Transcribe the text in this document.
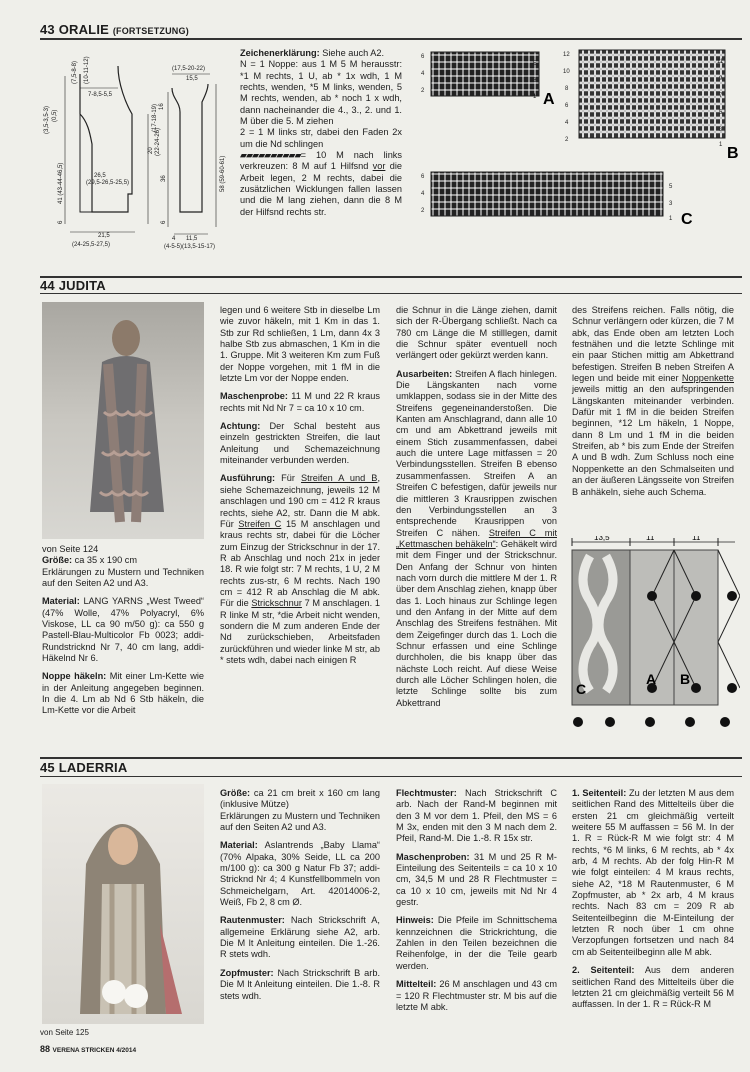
43 ORALIE (FORTSETZUNG)
(7,5-8-8) (10-11-12)
7-8,5-5,5
(3,5-3,5-3) (0,5)
41 (43-44-46,5)
6
26,5
(29,5-26,5-25,5)
20 (22-24-26)
21,5
(24-25,5-27,5)
(17,5-20-22)
15,5
(17-18-19) 16
36
6
58 (59-60-61)
11,5
(4-5-5)(13,5-15-17)
4

Zeichenerklärung: Siehe auch A2.
N = 1 Noppe: aus 1 M 5 M herausstr: *1 M rechts, 1 U, ab * 1x wdh, 1 M rechts, wenden, *5 M links, wenden, 5 M rechts, wenden, ab * noch 1 x wdh, dann nacheinander die 4., 3., 2. und 1. M über die 5. M ziehen
2 = 1 M links str, dabei den Faden 2x um die Nd schlingen
▰▰▰▰▰▰▰▰▰▰= 10 M nach links verkreuzen: 8 M auf 1 Hilfsnd vor die Arbeit legen, 2 M rechts, dabei die zusätzlichen Wicklungen fallen lassen und die M lang ziehen, dann die 8 M der Hilfsnd rechts str.

6
4
2
5
3
1 A
12
10
8
6
4
2
11
9
7
5
3
1 B
6
4
2
5
3
1 C
44 JUDITA

von Seite 124
Größe: ca 35 x 190 cm
Erklärungen zu Mustern und Techniken auf den Seiten A2 und A3.

Material: LANG YARNS „West Tweed“ (47% Wolle, 47% Polyacryl, 6% Viskose, LL ca 90 m/50 g): ca 550 g Pastell-Blau-Multicolor Fb 0023; addi-Rundstricknd Nr 7, 40 cm lang, addi-Häkelnd Nr 6.

Noppe häkeln: Mit einer Lm-Kette wie in der Anleitung angegeben beginnen. In die 4. Lm ab Nd 6 Stb häkeln, die Lm-Kette vor die Arbeit

legen und 6 weitere Stb in dieselbe Lm wie zuvor häkeln, mit 1 Km in das 1. Stb zur Rd schließen, 1 Lm, dann 4x 3 halbe Stb zus abmaschen, 1 Km in die 1. Gruppe. Mit 3 weiteren Km zum Fuß der Noppe vorgehen, mit 1 fM in die letzte Lm vor der Noppe enden.

Maschenprobe: 11 M und 22 R kraus rechts mit Nd Nr 7 = ca 10 x 10 cm.

Achtung: Der Schal besteht aus einzeln gestrickten Streifen, die laut Anleitung und Schemazeichnung miteinander verbunden werden.

Ausführung: Für Streifen A und B, siehe Schemazeichnung, jeweils 12 M anschlagen und 190 cm = 412 R kraus rechts, siehe A2, str. Dann die M abk. Für Streifen C 15 M anschlagen und kraus rechts str, dabei für die Löcher zum Einzug der Strickschnur in der 17. R ab Anschlag und noch 21x in jeder 18. R wie folgt str: 7 M rechts, 1 U, 2 M rechts zus-str, 6 M rechts. Nach 190 cm = 412 R ab Anschlag die M abk. Für die Strickschnur 7 M anschlagen. 1 R linke M str, *die Arbeit nicht wenden, sondern die M zum anderen Ende der Nd zurückschieben, Arbeitsfaden zurückführen und wieder linke M str, ab * stets wdh, dabei nach einigen R

die Schnur in die Länge ziehen, damit sich der R-Übergang schließt. Nach ca 780 cm Länge die M stilllegen, damit die Schnur später eventuell noch verlängert oder gekürzt werden kann.

Ausarbeiten: Streifen A flach hinlegen. Die Längskanten nach vorne umklappen, sodass sie in der Mitte des Streifens gegeneinanderstoßen. Die Kanten am Anschlagrand, dann alle 10 cm und am Abkettrand jeweils mit einem Stich zusammenfassen, dabei auch die untere Lage mitfassen = 20 Verbindungsstellen. Streifen B ebenso zusammenfassen. Streifen A an Streifen C befestigen, dafür jeweils nur die mittleren 3 Krausrippen zwischen den Verbindungsstellen an 3 entsprechende Krausrippen von Streifen C nähen. Streifen C mit „Kettmaschen behäkeln“: Gehäkelt wird mit dem Finger und der Strickschnur. Den Anfang der Schnur von hinten nach vorn durch die mittlere M der 1. R über dem Anschlag ziehen, knapp über das 1. Loch hinaus zur Schlinge legen und den Anfang in der Mitte auf dem Anschlag des Streifens festnähen. Mit dem Zeigefinger durch das 1. Loch die Schnur erfassen und eine Schlinge durchholen, die bis knapp über das nächste Loch reicht. Auf diese Weise durch alle Löcher Schlingen holen, die letzte Schlinge sollte bis zum Abkettrand

des Streifens reichen. Falls nötig, die Schnur verlängern oder kürzen, die 7 M abk, das Ende oben am letzten Loch festnähen und die letzte Schlinge mit ein paar Stichen mittig am Abkettrand befestigen. Streifen B neben Streifen A legen und beide mit einer Noppenkette jeweils mittig an den aufspringenden Längskanten miteinander verbinden. Dafür mit 1 fM in die beiden Streifen beginnen, *12 Lm häkeln, 1 Noppe, dann 8 Lm und 1 fM in die beiden Streifen, ab * bis zum Ende der Streifen A und B wdh. Zum Schluss noch eine Noppenkette an den Schmalseiten und an der äußeren Längsseite von Streifen B anhäkeln, siehe auch Schema.

13,5	11	11
C
A B
45 LADERRIA
von Seite 125

Größe: ca 21 cm breit x 160 cm lang (inklusive Mütze)
Erklärungen zu Mustern und Techniken auf den Seiten A2 und A3.

Material: Aslantrends „Baby Llama“ (70% Alpaka, 30% Seide, LL ca 200 m/100 g): ca 300 g Natur Fb 37; addi-Stricknd Nr 4; 4 Kunstfellbommeln von Schmeichelgarn, Art. 42014006-2, Weiß, Fb 2, 8 cm Ø.

Rautenmuster: Nach Strickschrift A, allgemeine Erklärung siehe A2, arb. Die M lt Anleitung einteilen. Die 1.-26. R stets wdh.

Zopfmuster: Nach Strickschrift B arb. Die M lt Anleitung einteilen. Die 1.-8. R stets wdh.

Flechtmuster: Nach Strickschrift C arb. Nach der Rand-M beginnen mit den 3 M vor dem 1. Pfeil, den MS = 6 M 3x, enden mit den 3 M nach dem 2. Pfeil, Rand-M. Die 1.-8. R 15x str.

Maschenproben: 31 M und 25 R M-Einteilung des Seitenteils = ca 10 x 10 cm, 34,5 M und 28 R Flechtmuster = ca 10 x 10 cm, jeweils mit Nd Nr 4 gestr.

Hinweis: Die Pfeile im Schnittschema kennzeichnen die Strickrichtung, die Zahlen in den Teilen bezeichnen die Reihenfolge, in der die Teile gearb werden.

Mittelteil: 26 M anschlagen und 43 cm = 120 R Flechtmuster str. M bis auf die letzte M abk.

1. Seitenteil: Zu der letzten M aus dem seitlichen Rand des Mittelteils über die ersten 21 cm gleichmäßig verteilt weitere 55 M auffassen = 56 M. In der 1. R = Rück-R M wie folgt str: 4 M rechts, *6 M links, 6 M rechts, ab * 4x arb, 4 M rechts. Ab der folg Hin-R M wie folgt einteilen: 4 M kraus rechts, siehe A2, *18 M Rautenmuster, 6 M Zopfmuster, ab * 2x arb, 4 M kraus rechts. Nach 83 cm = 209 R ab Seitenteilbeginn die M-Einteilung der letzten R noch über 1 cm ohne Verzopfungen fortsetzen und nach 84 cm ab Seitenteilbeginn alle M abk.

2. Seitenteil: Aus dem anderen seitlichen Rand des Mittelteils über die letzten 21 cm gleichmäßig verteilt 56 M auffassen. In der 1. R = Rück-R M

88 VERENA STRICKEN 4/2014
